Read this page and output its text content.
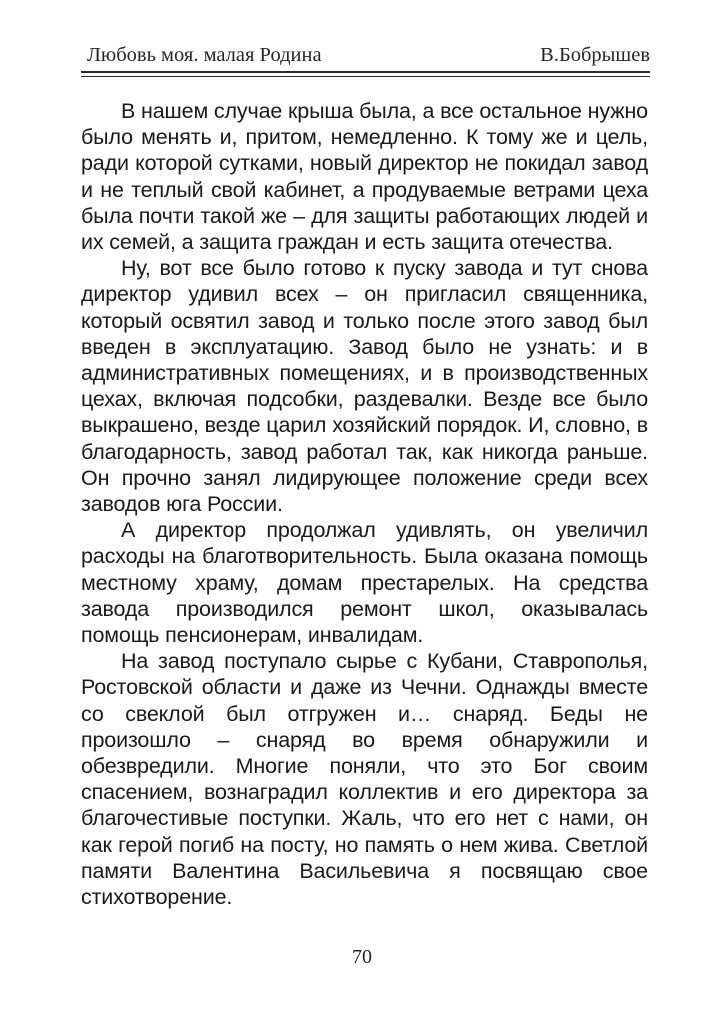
Любовь моя. малая Родина	В.Бобрышев

В нашем случае крыша была, а все остальное нужно было менять и, притом, немедленно. К тому же и цель, ради которой сутками, новый директор не покидал завод и не теплый свой кабинет, а продуваемые ветрами цеха была почти такой же – для защиты работающих людей и их семей, а защита граждан и есть защита отечества.

Ну, вот все было готово к пуску завода и тут снова директор удивил всех – он пригласил священника, который освятил завод и только после этого завод был введен в эксплуатацию. Завод было не узнать: и в административных помещениях, и в производственных цехах, включая подсобки, раздевалки. Везде все было выкрашено, везде царил хозяйский порядок. И, словно, в благодарность, завод работал так, как никогда раньше. Он прочно занял лидирующее положение среди всех заводов юга России.

А директор продолжал удивлять, он увеличил расходы на благотворительность. Была оказана помощь местному храму, домам престарелых. На средства завода производился ремонт школ, оказывалась помощь пенсионерам, инвалидам.

На завод поступало сырье с Кубани, Ставрополья, Ростовской области и даже из Чечни. Однажды вместе со свеклой был отгружен и… снаряд. Беды не произошло – снаряд во время обнаружили и обезвредили. Многие поняли, что это Бог своим спасением, вознаградил коллектив и его директора за благочестивые поступки. Жаль, что его нет с нами, он как герой погиб на посту, но память о нем жива. Светлой памяти Валентина Васильевича я посвящаю свое стихотворение.

70
